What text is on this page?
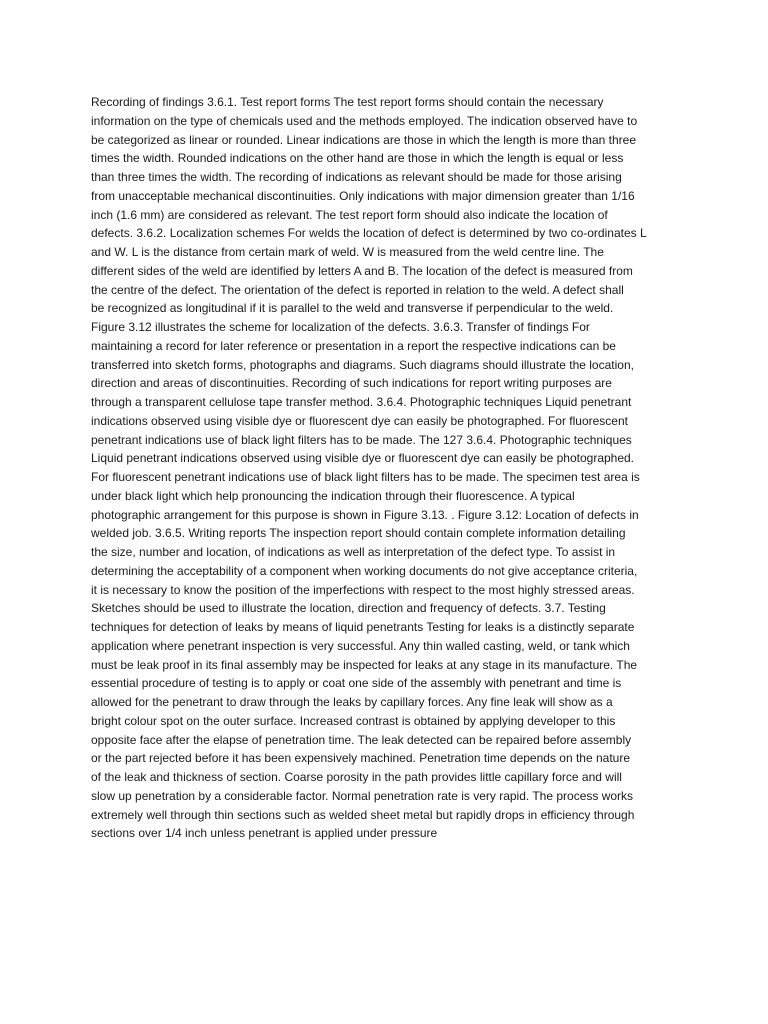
Recording of findings 3.6.1. Test report forms The test report forms should contain the necessary
information on the type of chemicals used and the methods employed. The indication observed have to
be categorized as linear or rounded. Linear indications are those in which the length is more than three
times the width. Rounded indications on the other hand are those in which the length is equal or less
than three times the width. The recording of indications as relevant should be made for those arising
from unacceptable mechanical discontinuities. Only indications with major dimension greater than 1/16
inch (1.6 mm) are considered as relevant. The test report form should also indicate the location of
defects. 3.6.2. Localization schemes For welds the location of defect is determined by two co-ordinates L
and W. L is the distance from certain mark of weld. W is measured from the weld centre line. The
different sides of the weld are identified by letters A and B. The location of the defect is measured from
the centre of the defect. The orientation of the defect is reported in relation to the weld. A defect shall
be recognized as longitudinal if it is parallel to the weld and transverse if perpendicular to the weld.
Figure 3.12 illustrates the scheme for localization of the defects. 3.6.3. Transfer of findings For
maintaining a record for later reference or presentation in a report the respective indications can be
transferred into sketch forms, photographs and diagrams. Such diagrams should illustrate the location,
direction and areas of discontinuities. Recording of such indications for report writing purposes are
through a transparent cellulose tape transfer method. 3.6.4. Photographic techniques Liquid penetrant
indications observed using visible dye or fluorescent dye can easily be photographed. For fluorescent
penetrant indications use of black light filters has to be made. The 127 3.6.4. Photographic techniques
Liquid penetrant indications observed using visible dye or fluorescent dye can easily be photographed.
For fluorescent penetrant indications use of black light filters has to be made. The specimen test area is
under black light which help pronouncing the indication through their fluorescence. A typical
photographic arrangement for this purpose is shown in Figure 3.13. . Figure 3.12: Location of defects in
welded job. 3.6.5. Writing reports The inspection report should contain complete information detailing
the size, number and location, of indications as well as interpretation of the defect type. To assist in
determining the acceptability of a component when working documents do not give acceptance criteria,
it is necessary to know the position of the imperfections with respect to the most highly stressed areas.
Sketches should be used to illustrate the location, direction and frequency of defects. 3.7. Testing
techniques for detection of leaks by means of liquid penetrants Testing for leaks is a distinctly separate
application where penetrant inspection is very successful. Any thin walled casting, weld, or tank which
must be leak proof in its final assembly may be inspected for leaks at any stage in its manufacture. The
essential procedure of testing is to apply or coat one side of the assembly with penetrant and time is
allowed for the penetrant to draw through the leaks by capillary forces. Any fine leak will show as a
bright colour spot on the outer surface. Increased contrast is obtained by applying developer to this
opposite face after the elapse of penetration time. The leak detected can be repaired before assembly
or the part rejected before it has been expensively machined. Penetration time depends on the nature
of the leak and thickness of section. Coarse porosity in the path provides little capillary force and will
slow up penetration by a considerable factor. Normal penetration rate is very rapid. The process works
extremely well through thin sections such as welded sheet metal but rapidly drops in efficiency through
sections over 1/4 inch unless penetrant is applied under pressure
